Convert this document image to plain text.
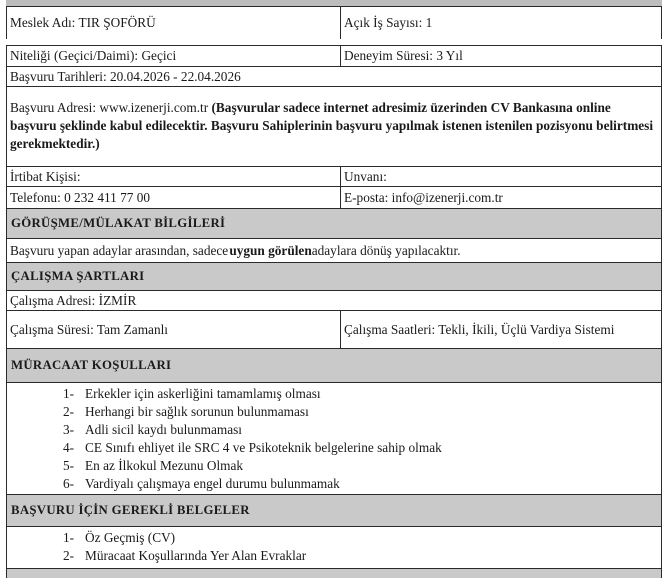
Meslek Adı: TIR ŞOFÖRÜ	Açık İş Sayısı: 1
Niteliği (Geçici/Daimi): Geçici	Deneyim Süresi: 3 Yıl
Başvuru Tarihleri: 20.04.2026 - 22.04.2026
Başvuru Adresi: www.izenerji.com.tr (Başvurular sadece internet adresimiz üzerinden CV Bankasına online başvuru şeklinde kabul edilecektir. Başvuru Sahiplerinin başvuru yapılmak istenen istenilen pozisyonu belirtmesi gerekmektedir.)
İrtibat Kişisi:	Unvanı:
Telefonu: 0 232 411 77 00	E-posta: info@izenerji.com.tr
GÖRÜŞME/MÜLAKAT BİLGİLERİ
Başvuru yapan adaylar arasından, sadece
  uygun görülen adaylara dönüş yapılacaktır.
ÇALIŞMA ŞARTLARI
Çalışma Adresi: İZMİR
Çalışma Süresi: Tam Zamanlı	Çalışma Saatleri: Tekli, İkili, Üçlü Vardiya Sistemi
MÜRACAAT KOŞULLARI
1- Erkekler için askerliğini tamamlamış olması
2- Herhangi bir sağlık sorunun bulunmaması
3- Adli sicil kaydı bulunmaması
4- CE Sınıfı ehliyet ile SRC 4 ve Psikoteknik belgelerine sahip olmak
5- En az İlkokul Mezunu Olmak
6- Vardiyalı çalışmaya engel durumu bulunmamak
BAŞVURU İÇİN GEREKLİ BELGELER
1- Öz Geçmiş (CV)
2- Müracaat Koşullarında Yer Alan Evraklar
